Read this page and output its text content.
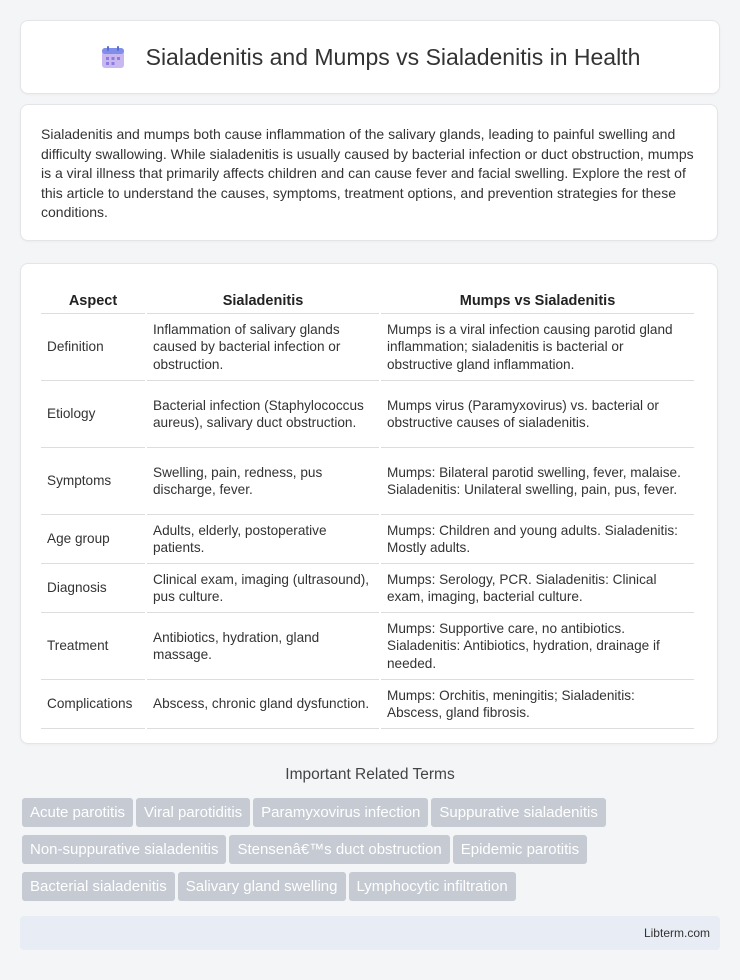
Sialadenitis and Mumps vs Sialadenitis in Health

Sialadenitis and mumps both cause inflammation of the salivary glands, leading to painful swelling and difficulty swallowing. While sialadenitis is usually caused by bacterial infection or duct obstruction, mumps is a viral illness that primarily affects children and can cause fever and facial swelling. Explore the rest of this article to understand the causes, symptoms, treatment options, and prevention strategies for these conditions.

Aspect	Sialadenitis	Mumps vs Sialadenitis
Definition	Inflammation of salivary glands caused by bacterial infection or obstruction.	Mumps is a viral infection causing parotid gland inflammation; sialadenitis is bacterial or obstructive gland inflammation.
Etiology	Bacterial infection (Staphylococcus aureus), salivary duct obstruction.	Mumps virus (Paramyxovirus) vs. bacterial or obstructive causes of sialadenitis.
Symptoms	Swelling, pain, redness, pus discharge, fever.	Mumps: Bilateral parotid swelling, fever, malaise. Sialadenitis: Unilateral swelling, pain, pus, fever.
Age group	Adults, elderly, postoperative patients.	Mumps: Children and young adults. Sialadenitis: Mostly adults.
Diagnosis	Clinical exam, imaging (ultrasound), pus culture.	Mumps: Serology, PCR. Sialadenitis: Clinical exam, imaging, bacterial culture.
Treatment	Antibiotics, hydration, gland massage.	Mumps: Supportive care, no antibiotics. Sialadenitis: Antibiotics, hydration, drainage if needed.
Complications	Abscess, chronic gland dysfunction.	Mumps: Orchitis, meningitis; Sialadenitis: Abscess, gland fibrosis.
Important Related Terms
Acute parotitis Viral parotiditis Paramyxovirus infection Suppurative sialadenitisNon-suppurative sialadenitis Stensenâ€™s duct obstruction Epidemic parotitisBacterial sialadenitis Salivary gland swelling Lymphocytic infiltration
Libterm.com
